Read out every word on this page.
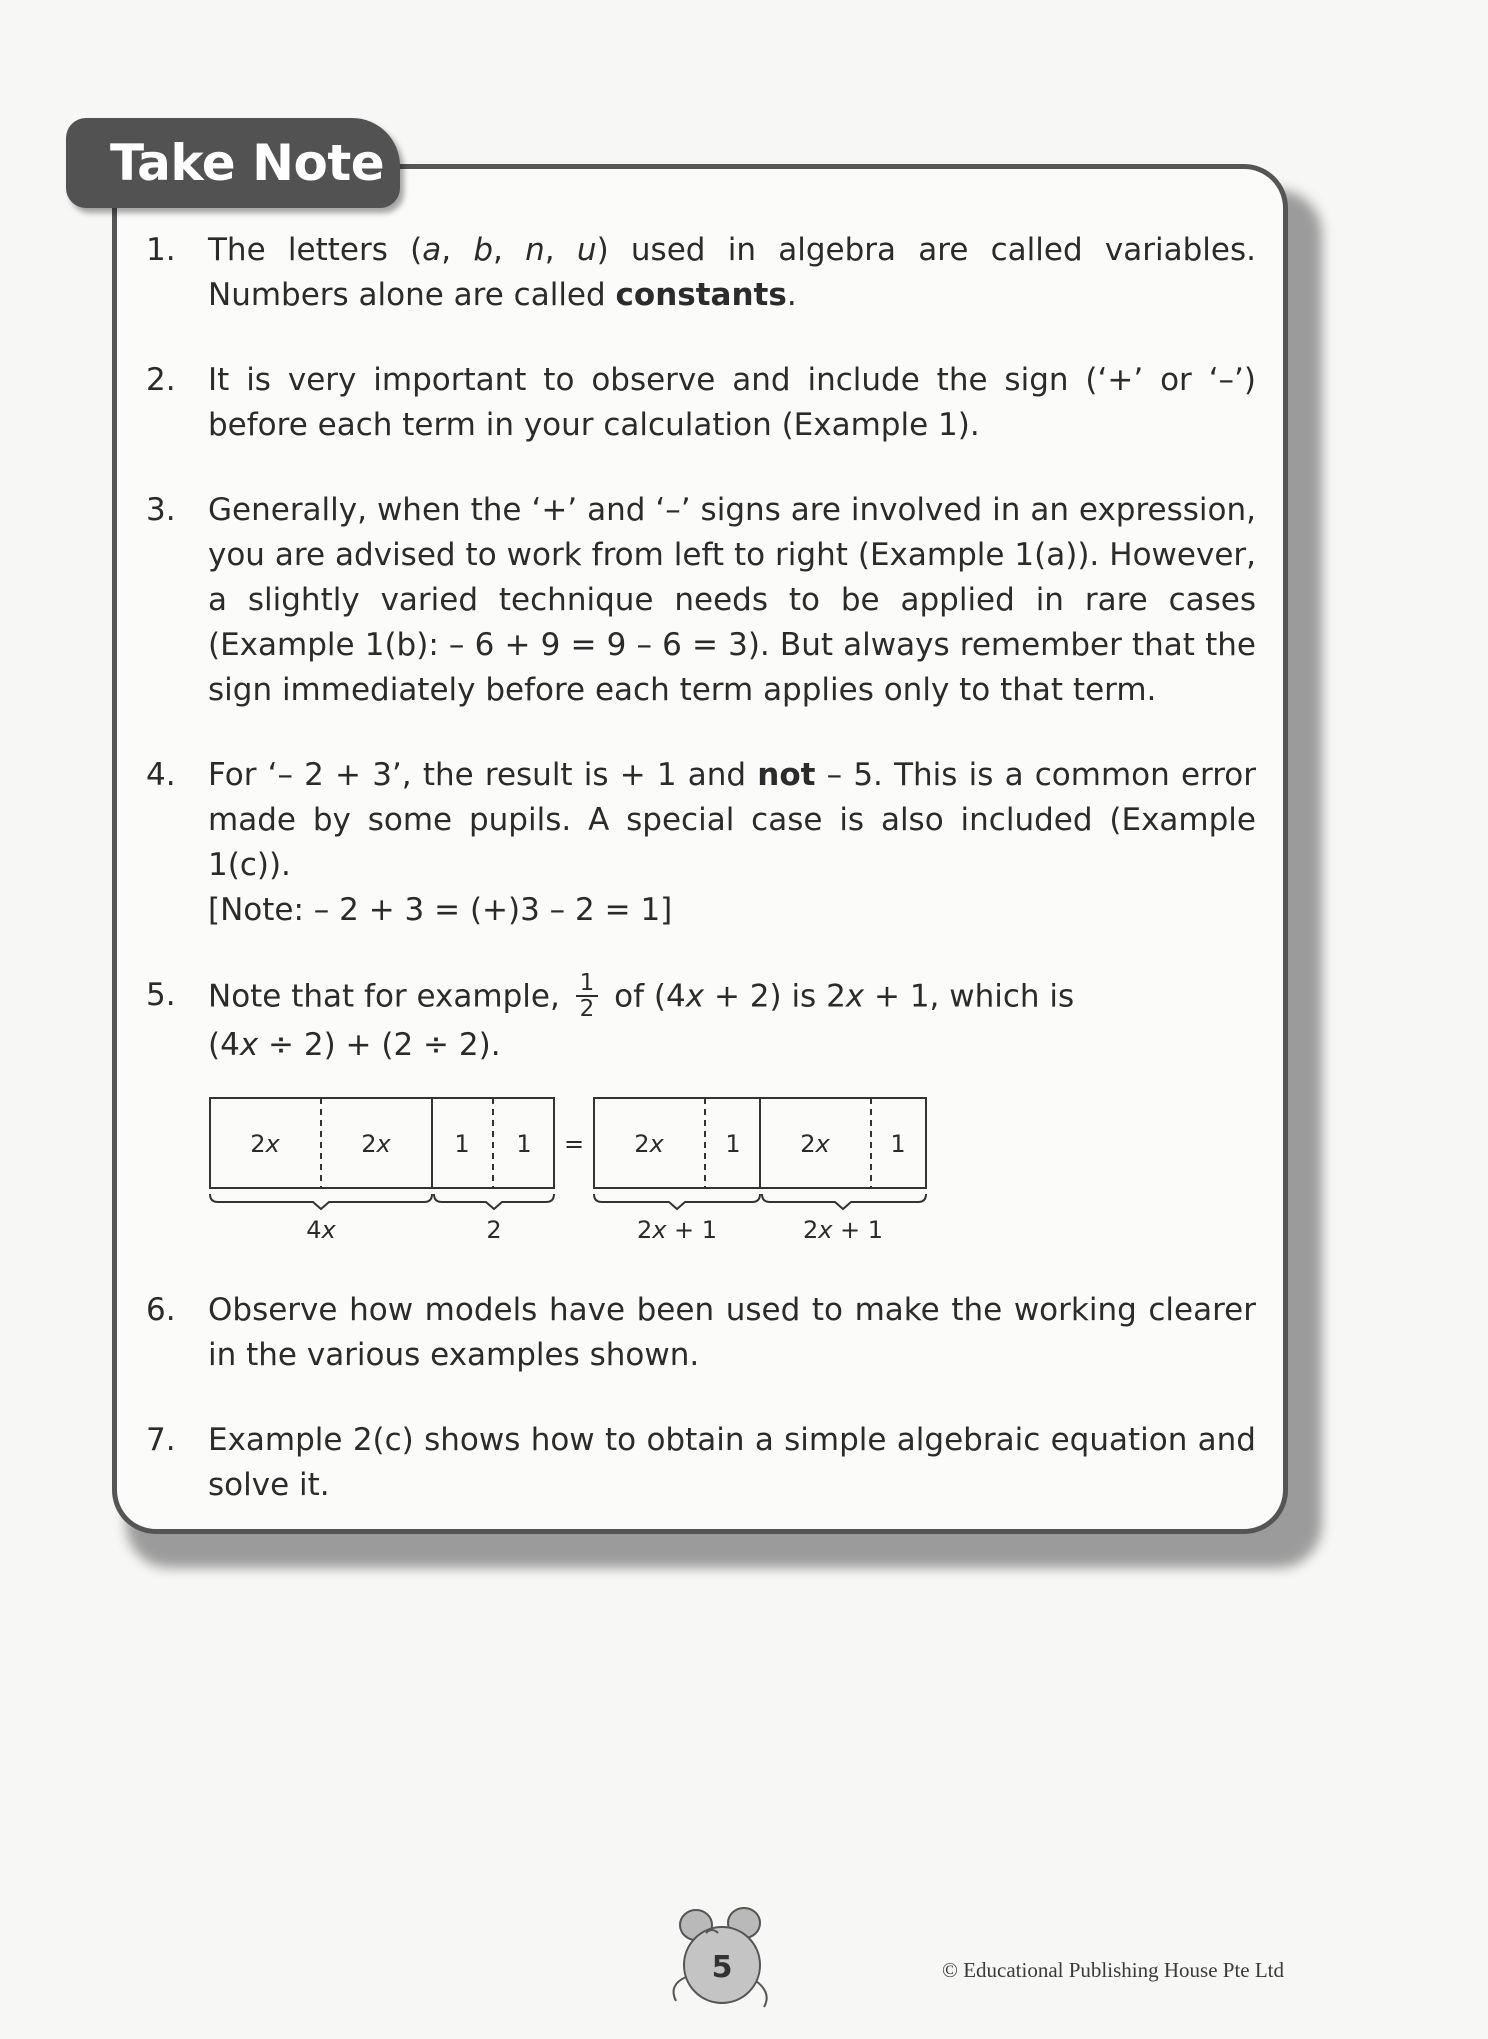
Take Note
1.	The letters (a, b, n, u) used in algebra are called variables. Numbers alone are called constants.
2.	It is very important to observe and include the sign (‘+’ or ‘–’) before each term in your calculation (Example 1).
3.	Generally, when the ‘+’ and ‘–’ signs are involved in an expression, you are advised to work from left to right (Example 1(a)). However, a slightly varied technique needs to be applied in rare cases (Example 1(b): – 6 + 9 = 9 – 6 = 3). But always remember that the sign immediately before each term applies only to that term.
4.	For ‘– 2 + 3’, the result is + 1 and not – 5. This is a common error made by some pupils. A special case is also included (Example 1(c)).
[Note: – 2 + 3 = (+)3 – 2 = 1]
5.	Note that for example, $\frac{1}{2}$ of (4x + 2) is 2x + 1, which is
(4x ÷ 2) + (2 ÷ 2).
2x	2x	1 1 = 2x	1 2x	1
4x	2	2x + 1	2x + 1
6.	Observe how models have been used to make the working clearer in the various examples shown.
7.	Example 2(c) shows how to obtain a simple algebraic equation and solve it.
5	© Educational Publishing House Pte Ltd
